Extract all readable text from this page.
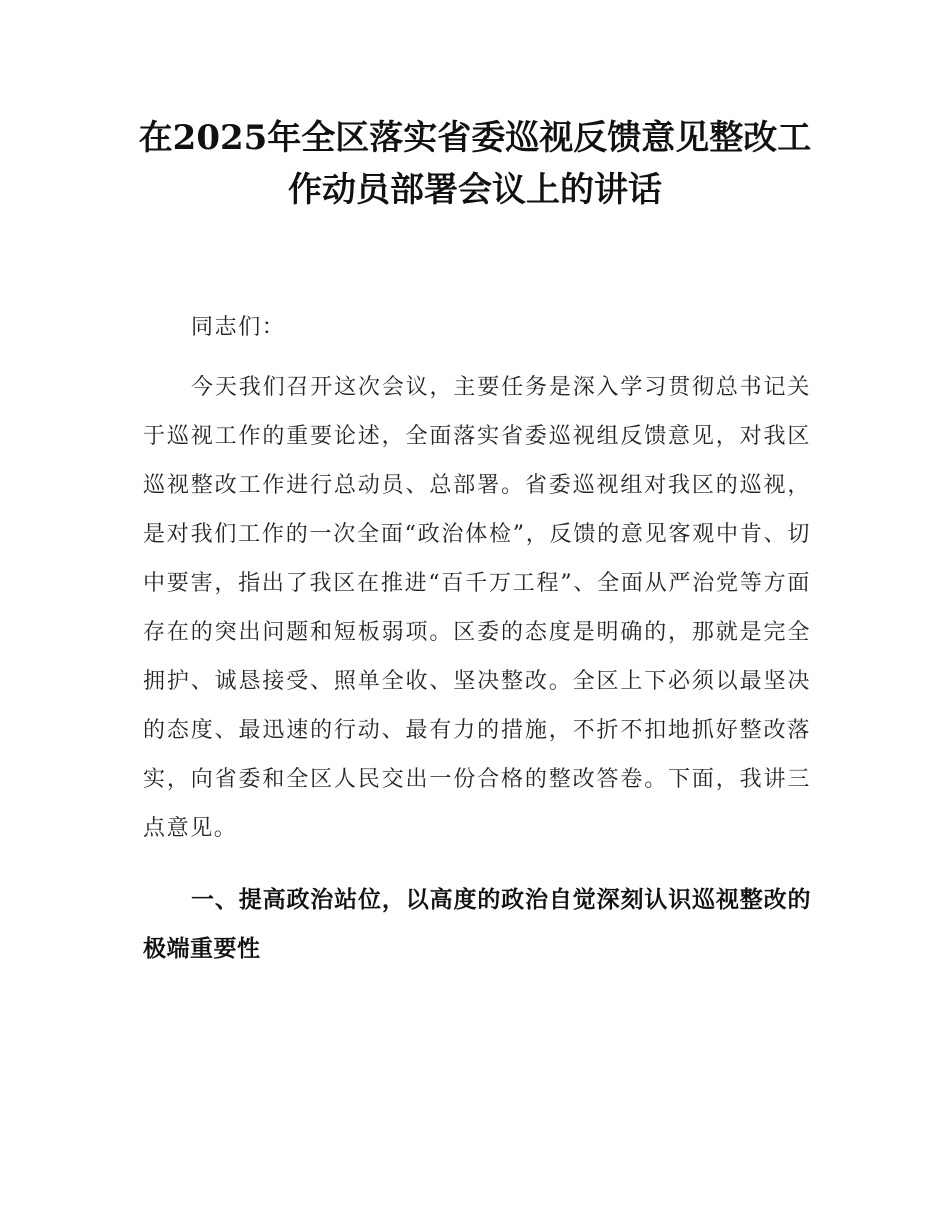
在2025年全区落实省委巡视反馈意见整改工作动员部署会议上的讲话
同志们：
今天我们召开这次会议，主要任务是深入学习贯彻总书记关于巡视工作的重要论述，全面落实省委巡视组反馈意见，对我区巡视整改工作进行总动员、总部署。省委巡视组对我区的巡视，是对我们工作的一次全面“政治体检”，反馈的意见客观中肯、切中要害，指出了我区在推进“百千万工程”、全面从严治党等方面存在的突出问题和短板弱项。区委的态度是明确的，那就是完全拥护、诚恳接受、照单全收、坚决整改。全区上下必须以最坚决的态度、最迅速的行动、最有力的措施，不折不扣地抓好整改落实，向省委和全区人民交出一份合格的整改答卷。下面，我讲三点意见。
一、提高政治站位，以高度的政治自觉深刻认识巡视整改的极端重要性
